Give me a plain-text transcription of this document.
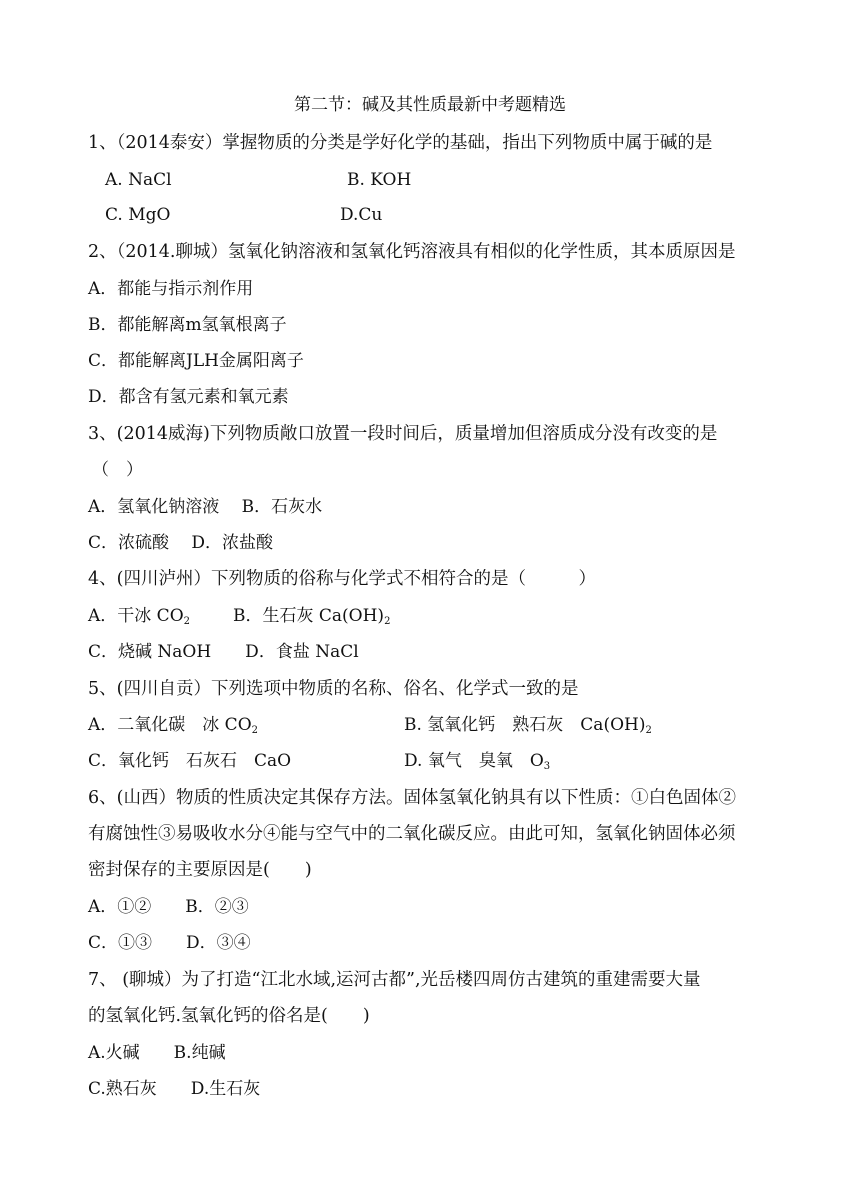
第二节：碱及其性质最新中考题精选
1、（2014泰安）掌握物质的分类是学好化学的基础，指出下列物质中属于碱的是
A. NaCl	B. KOH
C. MgO	D.Cu
2、（2014.聊城）氢氧化钠溶液和氢氧化钙溶液具有相似的化学性质，其本质原因是
A．都能与指示剂作用
B．都能解离m氢氧根离子
C．都能解离JLH金属阳离子
D．都含有氢元素和氧元素
3、(2014威海)下列物质敞口放置一段时间后，质量增加但溶质成分没有改变的是
（　）
A．氢氧化钠溶液　 B．石灰水
C．浓硫酸　 D．浓盐酸
4、(四川泸州）下列物质的俗称与化学式不相符合的是（　　　）
A．干冰 $CO_2$	B．生石灰 $Ca(OH)_2$
C．烧碱 NaOH　　D．食盐 NaCl
5、(四川自贡）下列选项中物质的名称、俗名、化学式一致的是
A．二氧化碳　冰 $CO_2$	B. 氢氧化钙　熟石灰　$Ca(OH)_2$
C．氧化钙　石灰石　CaO	D. 氧气　臭氧　$O_3$
6、(山西）物质的性质决定其保存方法。固体氢氧化钠具有以下性质：①白色固体②
有腐蚀性③易吸收水分④能与空气中的二氧化碳反应。由此可知，氢氧化钠固体必须
密封保存的主要原因是(　　)
A．①②　　B．②③
C．①③　　D．③④
7、 (聊城）为了打造“江北水域,运河古都”,光岳楼四周仿古建筑的重建需要大量
的氢氧化钙.氢氧化钙的俗名是(　　)
A.火碱　　B.纯碱
C.熟石灰　　D.生石灰
